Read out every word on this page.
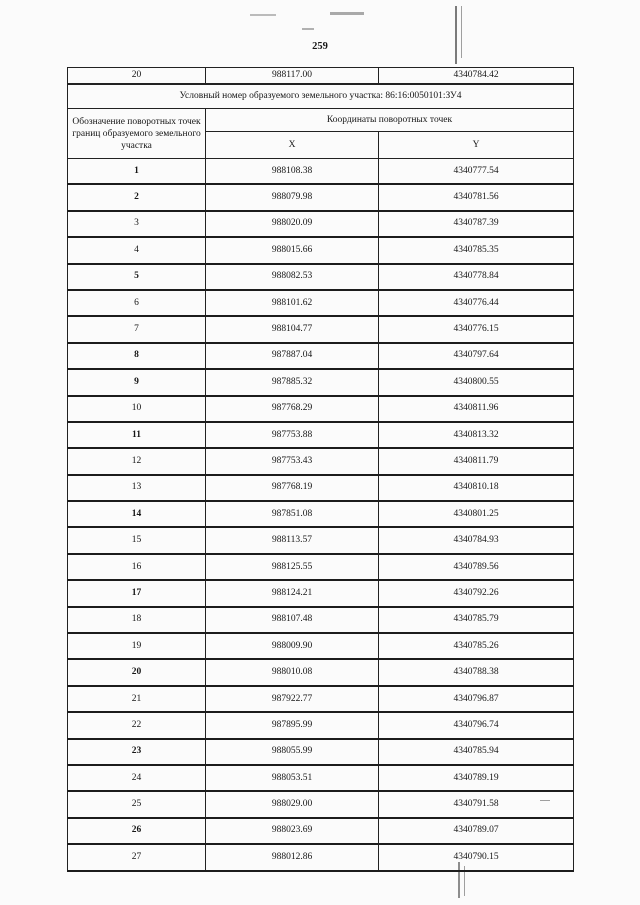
259
20	988117.00	4340784.42
Условный номер образуемого земельного участка: 86:16:0050101:ЗУ4		
Обозначение поворотных точек границ образуемого земельного участка	Координаты поворотных точек	
	X	Y
1	988108.38	4340777.54
2	988079.98	4340781.56
3	988020.09	4340787.39
4	988015.66	4340785.35
5	988082.53	4340778.84
6	988101.62	4340776.44
7	988104.77	4340776.15
8	987887.04	4340797.64
9	987885.32	4340800.55
10	987768.29	4340811.96
11	987753.88	4340813.32
12	987753.43	4340811.79
13	987768.19	4340810.18
14	987851.08	4340801.25
15	988113.57	4340784.93
16	988125.55	4340789.56
17	988124.21	4340792.26
18	988107.48	4340785.79
19	988009.90	4340785.26
20	988010.08	4340788.38
21	987922.77	4340796.87
22	987895.99	4340796.74
23	988055.99	4340785.94
24	988053.51	4340789.19
25	988029.00	4340791.58
26	988023.69	4340789.07
27	988012.86	4340790.15
